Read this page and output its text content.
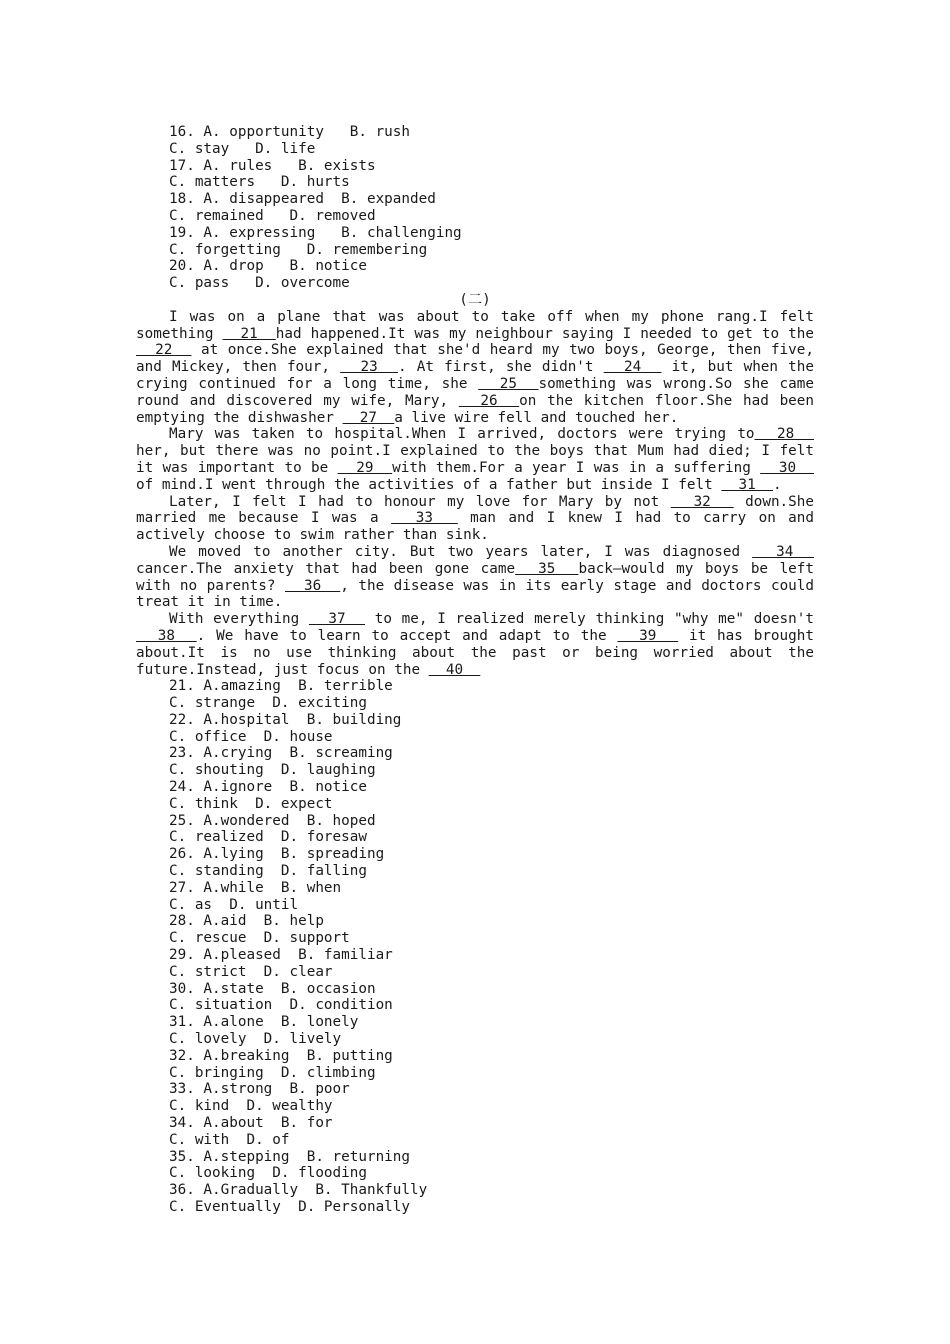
16. A. opportunity   B. rush
C. stay   D. life
17. A. rules   B. exists
C. matters   D. hurts
18. A. disappeared  B. expanded
C. remained   D. removed
19. A. expressing   B. challenging
C. forgetting   D. remembering
20. A. drop   B. notice
C. pass   D. overcome
(二)
I was on a plane that was about to take off when my phone rang.I felt something   21  had happened.It was my neighbour saying I needed to get to the  22   at once.She explained that she'd heard my two boys, George, then five, and Mickey, then four,   23  . At first, she didn't   24   it, but when the crying continued for a long time, she   25  something was wrong.So she came round and discovered my wife, Mary,   26  on the kitchen floor.She had been emptying the dishwasher   27  a live wire fell and touched her.
Mary was taken to hospital.When I arrived, doctors were trying to  28   her, but there was no point.I explained to the boys that Mum had died; I felt it was important to be   29  with them.For a year I was in a suffering   30   of mind.I went through the activities of a father but inside I felt   31  .
Later, I felt I had to honour my love for Mary by not   32   down.She married me because I was a   33   man and I knew I had to carry on and actively choose to swim rather than sink.
We moved to another city. But two years later, I was diagnosed   34   cancer.The anxiety that had been gone came  35  back—would my boys be left with no parents?   36  , the disease was in its early stage and doctors could treat it in time.
With everything   37   to me, I realized merely thinking "why me" doesn't   38  . We have to learn to accept and adapt to the   39   it has brought about.It is no use thinking about the past or being worried about the future.Instead, just focus on the   40
21. A.amazing  B. terrible
C. strange  D. exciting
22. A.hospital  B. building
C. office  D. house
23. A.crying  B. screaming
C. shouting  D. laughing
24. A.ignore  B. notice
C. think  D. expect
25. A.wondered  B. hoped
C. realized  D. foresaw
26. A.lying  B. spreading
C. standing  D. falling
27. A.while  B. when
C. as  D. until
28. A.aid  B. help
C. rescue  D. support
29. A.pleased  B. familiar
C. strict  D. clear
30. A.state  B. occasion
C. situation  D. condition
31. A.alone  B. lonely
C. lovely  D. lively
32. A.breaking  B. putting
C. bringing  D. climbing
33. A.strong  B. poor
C. kind  D. wealthy
34. A.about  B. for
C. with  D. of
35. A.stepping  B. returning
C. looking  D. flooding
36. A.Gradually  B. Thankfully
C. Eventually  D. Personally
